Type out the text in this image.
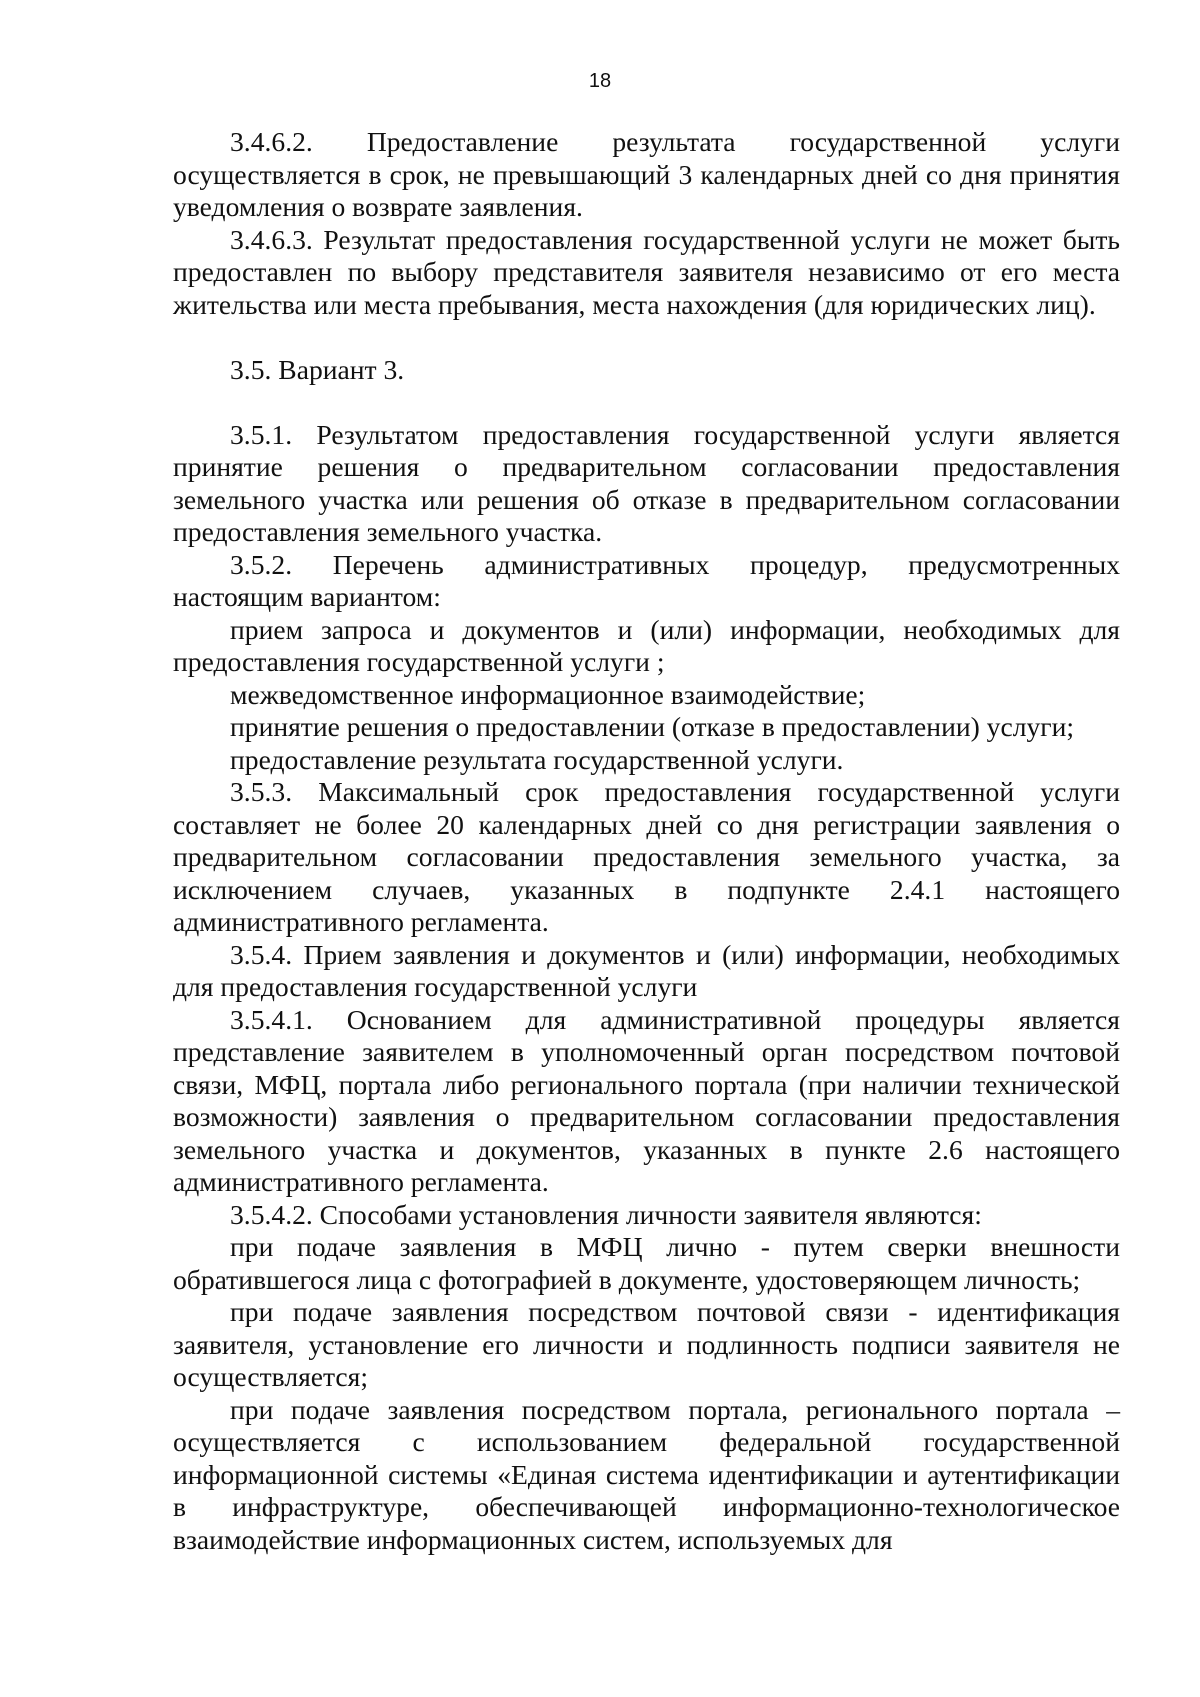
18

3.4.6.2. Предоставление результата государственной услуги осуществляется в срок, не превышающий 3 календарных дней со дня принятия уведомления о возврате заявления.

3.4.6.3. Результат предоставления государственной услуги не может быть предоставлен по выбору представителя заявителя независимо от его места жительства или места пребывания, места нахождения (для юридических лиц).

3.5. Вариант 3.

3.5.1. Результатом предоставления государственной услуги является принятие решения о предварительном согласовании предоставления земельного участка или решения об отказе в предварительном согласовании предоставления земельного участка.

3.5.2. Перечень административных процедур, предусмотренных настоящим вариантом:

прием запроса и документов и (или) информации, необходимых для предоставления государственной услуги ;

межведомственное информационное взаимодействие;

принятие решения о предоставлении (отказе в предоставлении) услуги;

предоставление результата государственной услуги.

3.5.3. Максимальный срок предоставления государственной услуги составляет не более 20 календарных дней со дня регистрации заявления о предварительном согласовании предоставления земельного участка, за исключением случаев, указанных в подпункте 2.4.1 настоящего административного регламента.

3.5.4. Прием заявления и документов и (или) информации, необходимых для предоставления государственной услуги

3.5.4.1. Основанием для административной процедуры является представление заявителем в уполномоченный орган посредством почтовой связи, МФЦ, портала либо регионального портала (при наличии технической возможности) заявления о предварительном согласовании предоставления земельного участка и документов, указанных в пункте 2.6 настоящего административного регламента.

3.5.4.2. Способами установления личности заявителя являются:

при подаче заявления в МФЦ лично - путем сверки внешности обратившегося лица с фотографией в документе, удостоверяющем личность;

при подаче заявления посредством почтовой связи - идентификация заявителя, установление его личности и подлинность подписи заявителя не осуществляется;

при подаче заявления посредством портала, регионального портала – осуществляется с использованием федеральной государственной информационной системы «Единая система идентификации и аутентификации в инфраструктуре, обеспечивающей информационно-технологическое взаимодействие информационных систем, используемых для
